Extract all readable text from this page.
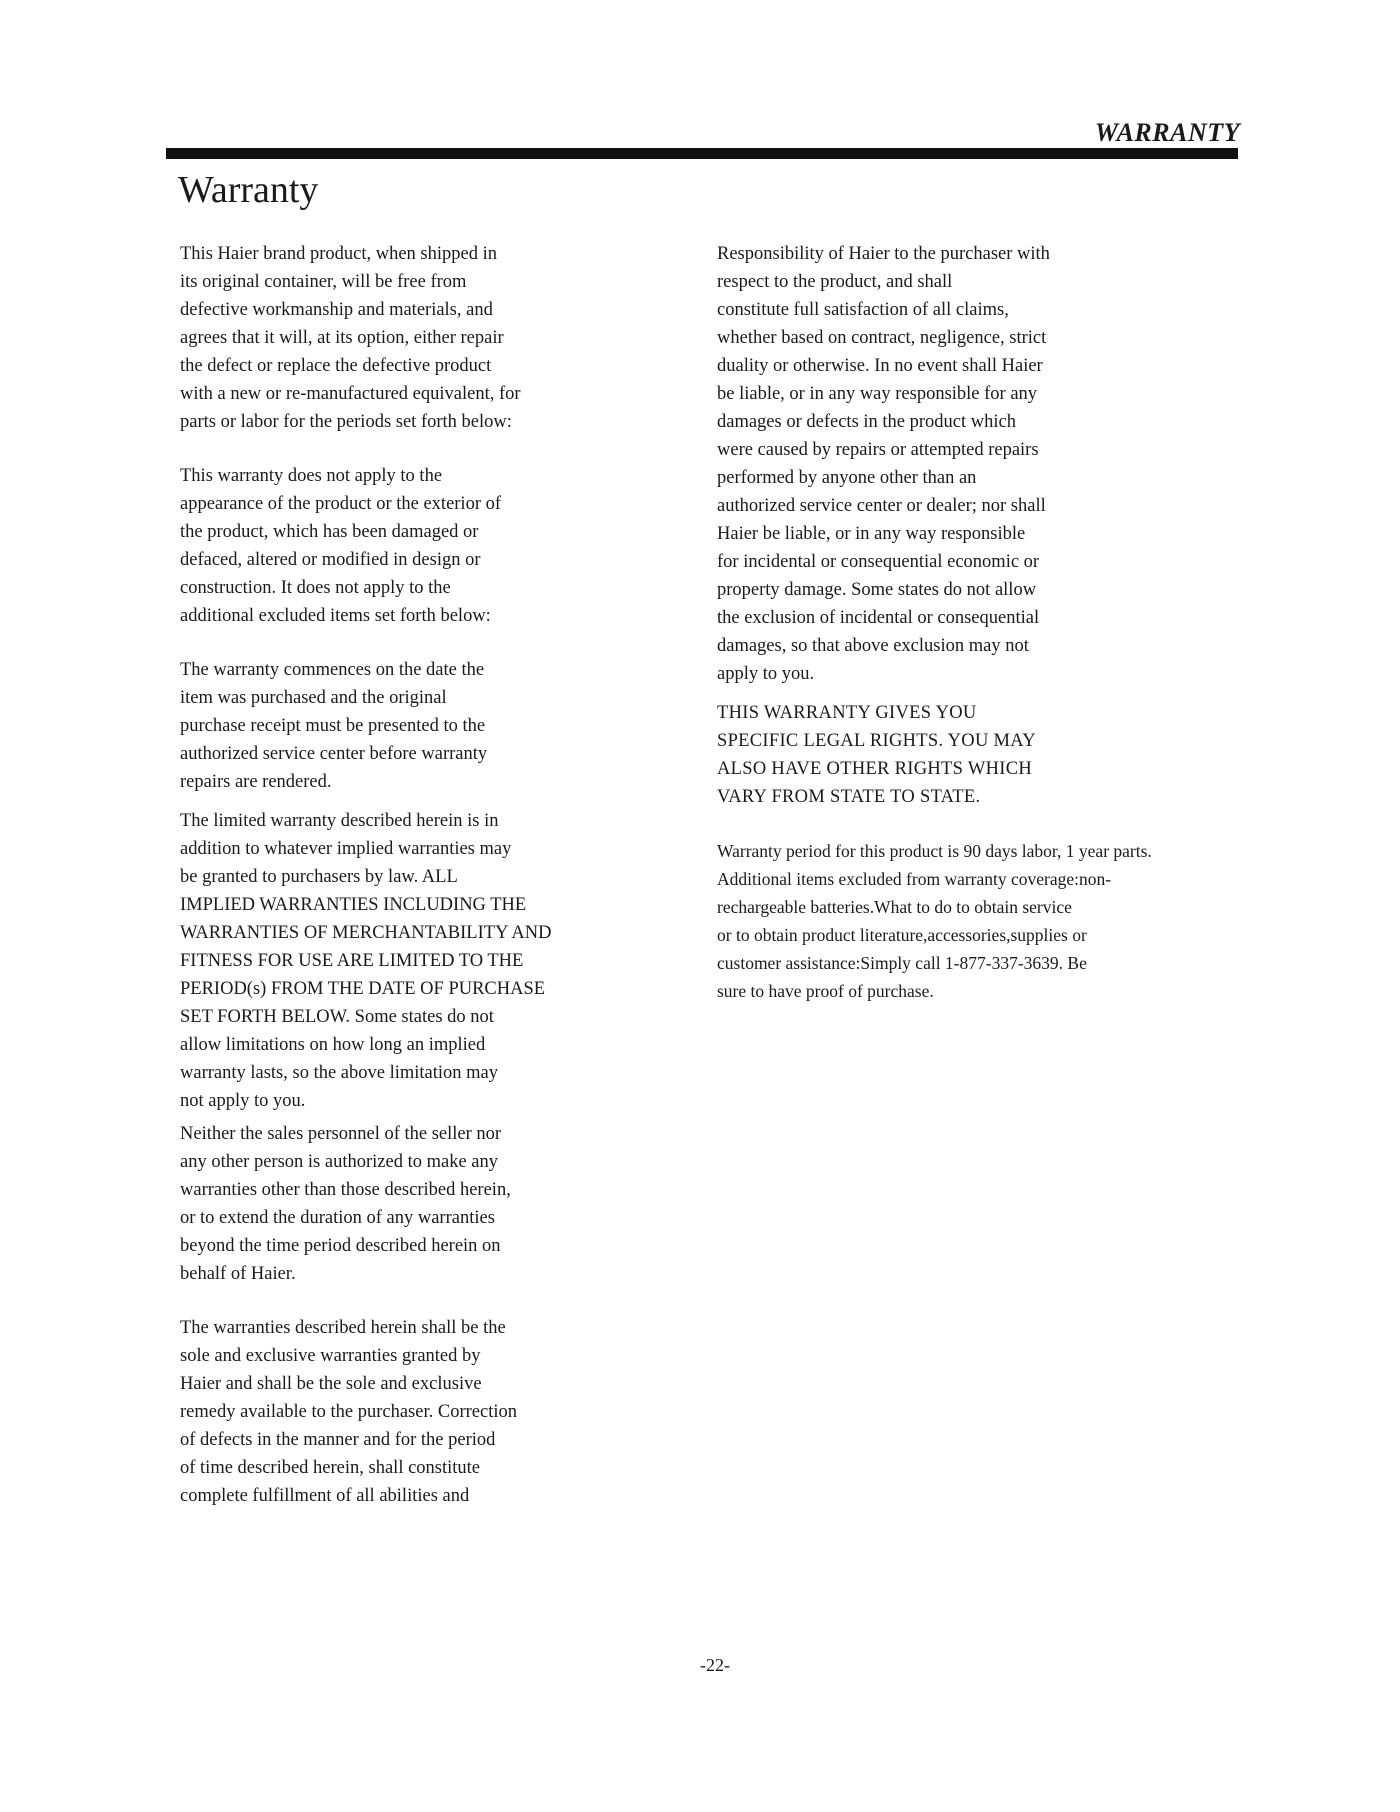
WARRANTY

Warranty

This Haier brand product, when shipped in
its original container, will be free from
defective workmanship and materials, and
agrees that it will, at its option, either repair
the defect or replace the defective product
with a new or re-manufactured equivalent, for
parts or labor for the periods set forth below:

This warranty does not apply to the
appearance of the product or the exterior of
the product, which has been damaged or
defaced, altered or modified in design or
construction. It does not apply to the
additional excluded items set forth below:

The warranty commences on the date the
item was purchased and the original
purchase receipt must be presented to the
authorized service center before warranty
repairs are rendered.

The limited warranty described herein is in
addition to whatever implied warranties may
be granted to purchasers by law. ALL
IMPLIED WARRANTIES INCLUDING THE
WARRANTIES OF MERCHANTABILITY AND
FITNESS FOR USE ARE LIMITED TO THE
PERIOD(s) FROM THE DATE OF PURCHASE
SET FORTH BELOW. Some states do not
allow limitations on how long an implied
warranty lasts, so the above limitation may
not apply to you.

Neither the sales personnel of the seller nor
any other person is authorized to make any
warranties other than those described herein,
or to extend the duration of any warranties
beyond the time period described herein on
behalf of Haier.

The warranties described herein shall be the
sole and exclusive warranties granted by
Haier and shall be the sole and exclusive
remedy available to the purchaser. Correction
of defects in the manner and for the period
of time described herein, shall constitute
complete fulfillment of all abilities and

Responsibility of Haier to the purchaser with
respect to the product, and shall
constitute full satisfaction of all claims,
whether based on contract, negligence, strict
duality or otherwise. In no event shall Haier
be liable, or in any way responsible for any
damages or defects in the product which
were caused by repairs or attempted repairs
performed by anyone other than an
authorized service center or dealer; nor shall
Haier be liable, or in any way responsible
for incidental or consequential economic or
property damage. Some states do not allow
the exclusion of incidental or consequential
damages, so that above exclusion may not
apply to you.

THIS WARRANTY GIVES YOU
SPECIFIC LEGAL RIGHTS. YOU MAY
ALSO HAVE OTHER RIGHTS WHICH
VARY FROM STATE TO STATE.

Warranty period for this product is 90 days labor, 1 year parts.
Additional items excluded from warranty coverage:non-
rechargeable batteries.What to do to obtain service
or to obtain product literature,accessories,supplies or
customer assistance:Simply call 1-877-337-3639. Be
sure to have proof of purchase.

-22-
